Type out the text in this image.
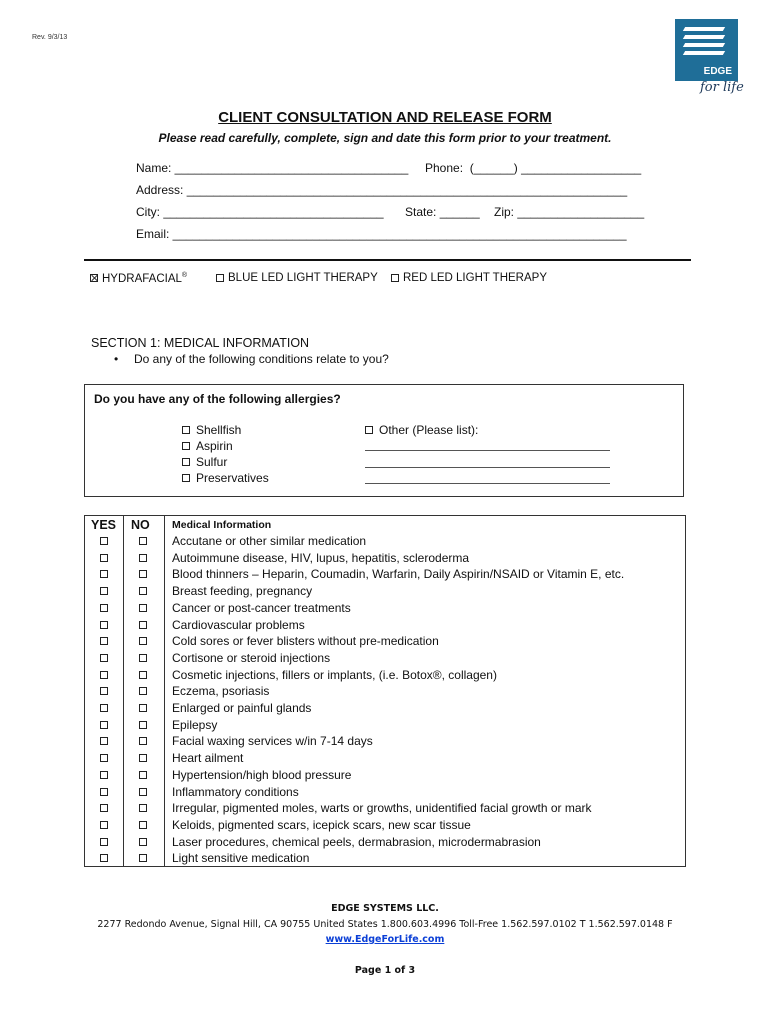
Rev. 9/3/13
EDGE
for life
CLIENT CONSULTATION AND RELEASE FORM
Please read carefully, complete, sign and date this form prior to your treatment.
Name: ___________________________________ Phone:  (______) __________________
Address: __________________________________________________________________
City: _________________________________ State: ______ Zip: ___________________
Email: ____________________________________________________________________
HYDRAFACIAL®	BLUE LED LIGHT THERAPY RED LED LIGHT THERAPY
SECTION 1: MEDICAL INFORMATION
• Do any of the following conditions relate to you?
Do you have any of the following allergies?
Shellfish
Aspirin
Sulfur
Preservatives
Other (Please list):
YES NO Medical Information
Accutane or other similar medication
Autoimmune disease, HIV, lupus, hepatitis, scleroderma
Blood thinners – Heparin, Coumadin, Warfarin, Daily Aspirin/NSAID or Vitamin E, etc.
Breast feeding, pregnancy
Cancer or post-cancer treatments
Cardiovascular problems
Cold sores or fever blisters without pre-medication
Cortisone or steroid injections
Cosmetic injections, fillers or implants, (i.e. Botox®, collagen)
Eczema, psoriasis
Enlarged or painful glands
Epilepsy
Facial waxing services w/in 7-14 days
Heart ailment
Hypertension/high blood pressure
Inflammatory conditions
Irregular, pigmented moles, warts or growths, unidentified facial growth or mark
Keloids, pigmented scars, icepick scars, new scar tissue
Laser procedures, chemical peels, dermabrasion, microdermabrasion
Light sensitive medication
EDGE SYSTEMS LLC.
2277 Redondo Avenue, Signal Hill, CA 90755 United States 1.800.603.4996 Toll-Free 1.562.597.0102 T 1.562.597.0148 F
www.EdgeForLife.com
Page 1 of 3
